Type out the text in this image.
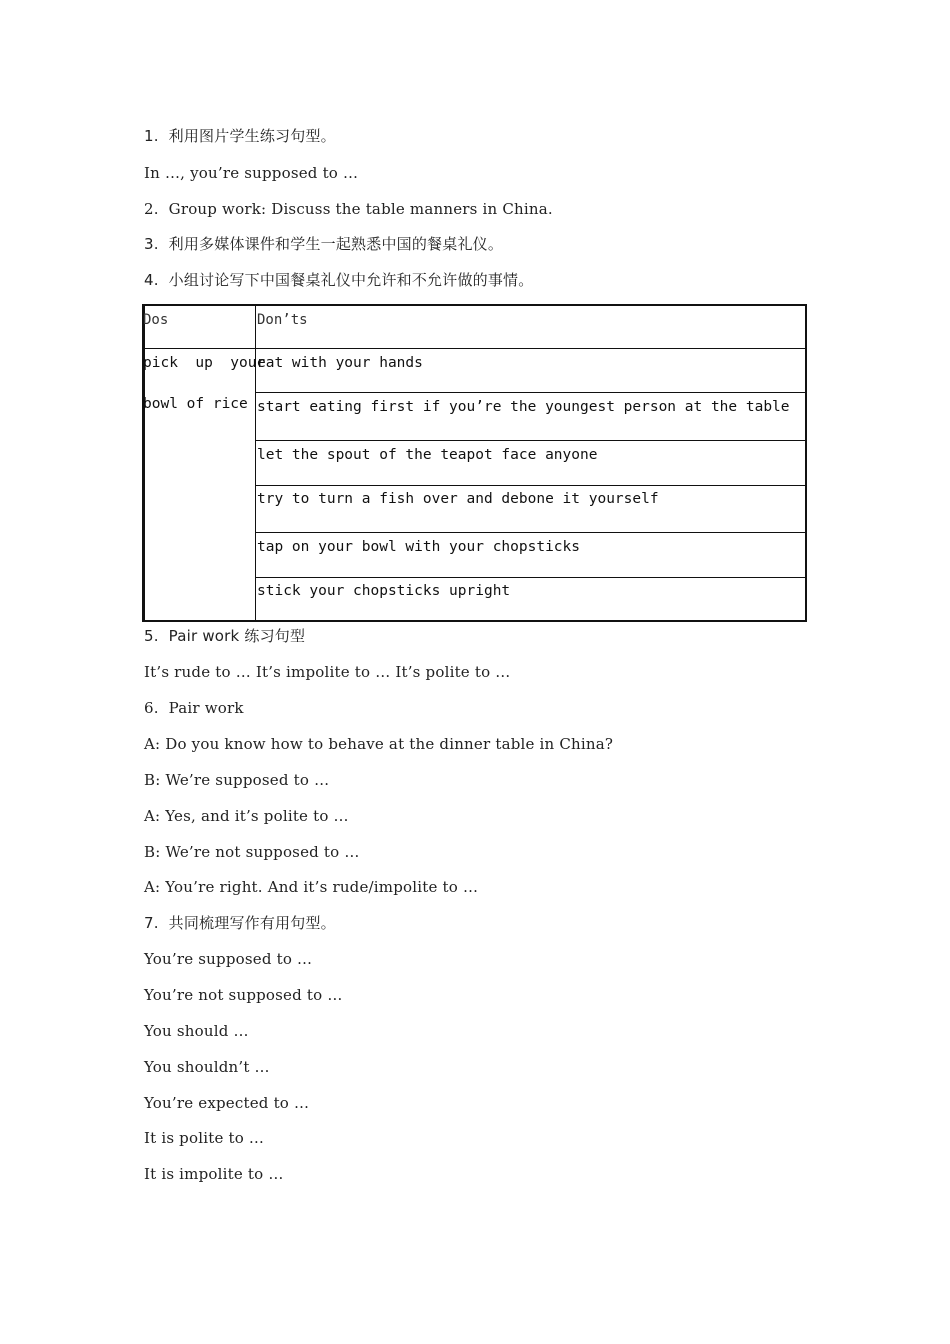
1.  利用图片学生练习句型。
In …, you’re supposed to …
2.  Group work: Discuss the table manners in China.
3.  利用多媒体课件和学生一起熟悉中国的餐桌礼仪。
4.  小组讨论写下中国餐桌礼仪中允许和不允许做的事情。
Dos	Don’ts
pick  up  your
bowl of rice
eat with your hands
start eating first if you’re the youngest person at the table
let the spout of the teapot face anyone
try to turn a fish over and debone it yourself
tap on your bowl with your chopsticks
stick your chopsticks upright
5.  Pair work 练习句型
It’s rude to … It’s impolite to … It’s polite to …
6.  Pair work
A: Do you know how to behave at the dinner table in China?
B: We’re supposed to …
A: Yes, and it’s polite to …
B: We’re not supposed to …
A: You’re right. And it’s rude/impolite to …
7.  共同梳理写作有用句型。
You’re supposed to …
You’re not supposed to …
You should …
You shouldn’t …
You’re expected to …
It is polite to …
It is impolite to …
